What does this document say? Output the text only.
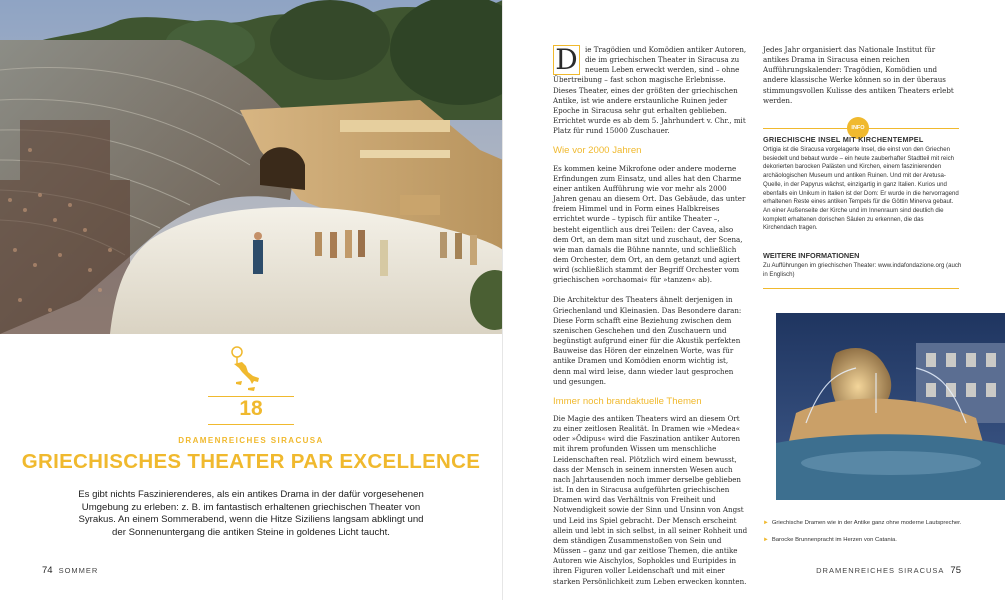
18
DRAMENREICHES SIRACUSA
GRIECHISCHES THEATER PAR EXCELLENCE
Es gibt nichts Faszinierenderes, als ein antikes Drama in der dafür vorgesehenen Umgebung zu erleben: z. B. im fantastisch erhaltenen griechischen Theater von Syrakus. An einem Sommerabend, wenn die Hitze Siziliens langsam abklingt und der Sonnenuntergang die antiken Steine in goldenes Licht taucht.
74 SOMMER

D	ie Tragödien und Komödien antiker Autoren, die im griechischen Theater in Siracusa zu neuem Leben erweckt werden, sind – ohne Übertreibung – fast schon magische Erlebnisse. Dieses Theater, eines der größten der griechischen Antike, ist wie andere erstaunliche Ruinen jeder Epoche in Siracusa sehr gut erhalten geblieben. Errichtet wurde es ab dem 5. Jahrhundert v. Chr., mit Platz für rund 15000 Zuschauer.

Wie vor 2000 Jahren

Es kommen keine Mikrofone oder andere moderne Erfindungen zum Einsatz, und alles hat den Charme einer antiken Aufführung wie vor mehr als 2000 Jahren genau an diesem Ort. Das Gebäude, das unter freiem Himmel und in Form eines Halbkreises errichtet wurde – typisch für antike Theater –, besteht eigentlich aus drei Teilen: der Cavea, also dem Ort, an dem man sitzt und zuschaut, der Scena, wie man damals die Bühne nannte, und schließlich dem Orchester, dem Ort, an dem getanzt und agiert wird (schließlich stammt der Begriff Orchester vom griechischen »orchaomai« für »tanzen« ab).

Die Architektur des Theaters ähnelt derjenigen in Griechenland und Kleinasien. Das Besondere daran: Diese Form schafft eine Beziehung zwischen dem szenischen Geschehen und den Zuschauern und begünstigt aufgrund einer für die Akustik perfekten Bauweise das Hören der einzelnen Worte, was für antike Dramen und Komödien enorm wichtig ist, denn mal wird leise, dann wieder laut gesprochen und gesungen.

Immer noch brandaktuelle Themen

Die Magie des antiken Theaters wird an diesem Ort zu einer zeitlosen Realität. In Dramen wie »Medea« oder »Ödipus« wird die Faszination antiker Autoren mit ihrem profunden Wissen um menschliche Leidenschaften real. Plötzlich wird einem bewusst, dass der Mensch in seinem innersten Wesen auch nach Jahrtausenden noch immer derselbe geblieben ist. In den in Siracusa aufgeführten griechischen Dramen wird das Verhältnis von Freiheit und Notwendigkeit sowie der Sinn und Unsinn von Angst und Leid ins Spiel gebracht. Der Mensch erscheint allein und lebt in sich selbst, in all seiner Rohheit und dem ständigen Zusammenstoßen von Sein und Müssen – ganz und gar zeitlose Themen, die antike Autoren wie Aischylos, Sophokles und Euripides in ihren Figuren voller Leidenschaft und mit einer starken Persönlichkeit zum Leben erwecken konnten.

Jedes Jahr organisiert das Nationale Institut für antikes Drama in Siracusa einen reichen Aufführungskalender: Tragödien, Komödien und andere klassische Werke können so in der überaus stimmungsvollen Kulisse des antiken Theaters erlebt werden.

INFO
GRIECHISCHE INSEL MIT KIRCHENTEMPEL
Ortigia ist die Siracusa vorgelagerte Insel, die einst von den Griechen besiedelt und bebaut wurde – ein heute zauberhafter Stadtteil mit reich dekorierten barocken Palästen und Kirchen, einem faszinierenden archäologischen Museum und antiken Ruinen. Und mit der Aretusa-Quelle, in der Papyrus wächst, einzigartig in ganz Italien. Kurios und ebenfalls ein Unikum in Italien ist der Dom: Er wurde in die hervorragend erhaltenen Reste eines antiken Tempels für die Göttin Minerva gebaut. An einer Außenseite der Kirche und im Innenraum sind deutlich die komplett erhaltenen dorischen Säulen zu erkennen, die das Kirchendach tragen.
WEITERE INFORMATIONEN
Zu Aufführungen im griechischen Theater: www.indafondazione.org (auch in Englisch)
► Griechische Dramen wie in der Antike ganz ohne moderne Lautsprecher.
► Barocke Brunnenpracht im Herzen von Catania.
DRAMENREICHES SIRACUSA 75
